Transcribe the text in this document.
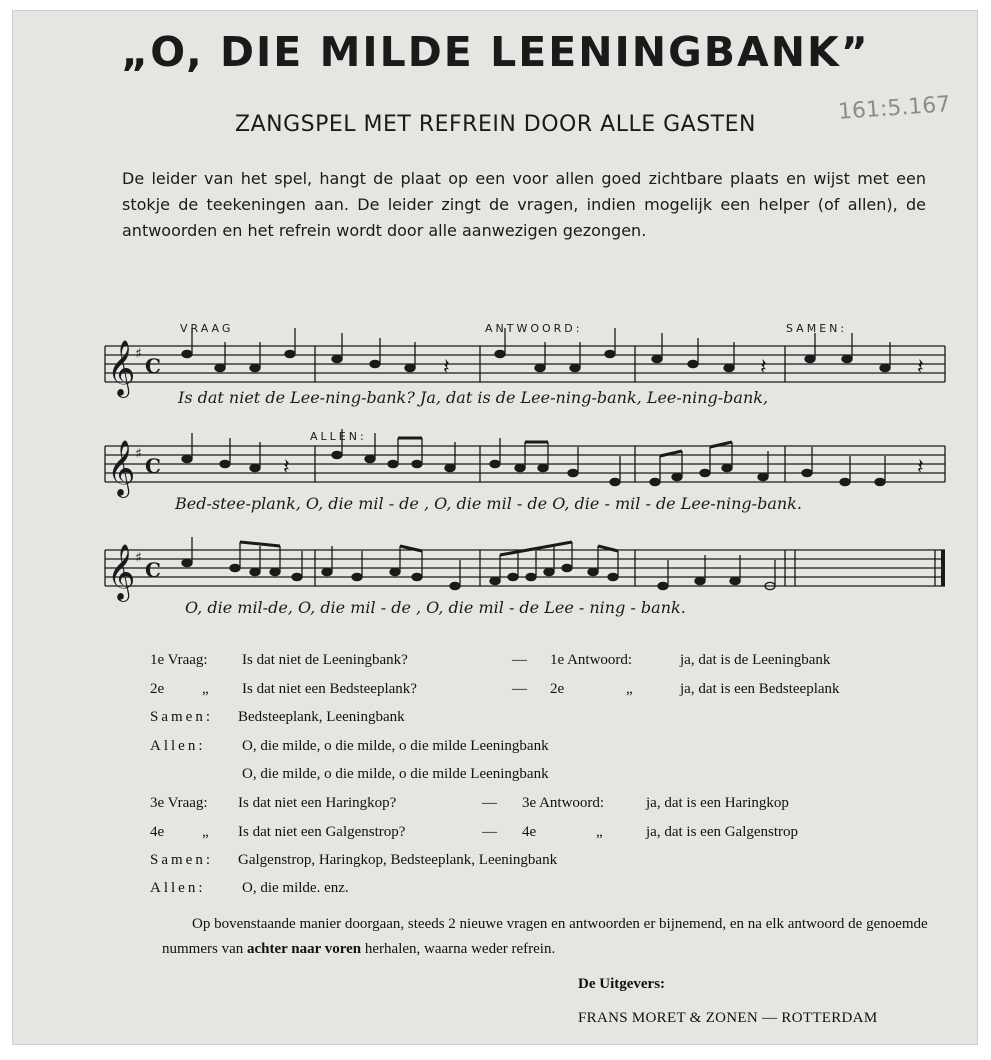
„O, DIE MILDE LEENINGBANK”
ZANGSPEL MET REFREIN DOOR ALLE GASTEN	161:5.167
De leider van het spel, hangt de plaat op een voor allen goed zichtbare plaats en wijst met een stokje de teekeningen aan. De leider zingt de vragen, indien mogelijk een helper (of allen), de antwoorden en het refrein wordt door alle aanwezigen gezongen.
𝄞 ♯ C	𝄽	𝄽	𝄽
VRAAG	ANTWOORD:	SAMEN:
Is dat niet de Lee-ning-bank? Ja, dat is de Lee-ning-bank, Lee-ning-bank,
𝄞 ♯ C	𝄽	𝄽
ALLEN:
Bed-stee-plank, O, die mil - de , O, die mil - de O, die - mil - de Lee-ning-bank.
𝄞 ♯ C
O, die mil-de, O, die mil - de , O, die mil - de Lee - ning - bank.
1e Vraag: Is dat niet de Leeningbank?	— 1e Antwoord:	ja, dat is de Leeningbank
2e	„ Is dat niet een Bedsteeplank?	— 2e	„	ja, dat is een Bedsteeplank
Samen: Bedsteeplank, Leeningbank
Allen: O, die milde, o die milde, o die milde Leeningbank
O, die milde, o die milde, o die milde Leeningbank
3e Vraag: Is dat niet een Haringkop?	— 3e Antwoord:	ja, dat is een Haringkop
4e	„ Is dat niet een Galgenstrop?	— 4e	„	ja, dat is een Galgenstrop
Samen: Galgenstrop, Haringkop, Bedsteeplank, Leeningbank
Allen: O, die milde. enz.
Op bovenstaande manier doorgaan, steeds 2 nieuwe vragen en antwoorden er bijnemend, en na elk antwoord de genoemde nummers van achter naar voren herhalen, waarna weder refrein.
De Uitgevers:
FRANS MORET & ZONEN — ROTTERDAM
